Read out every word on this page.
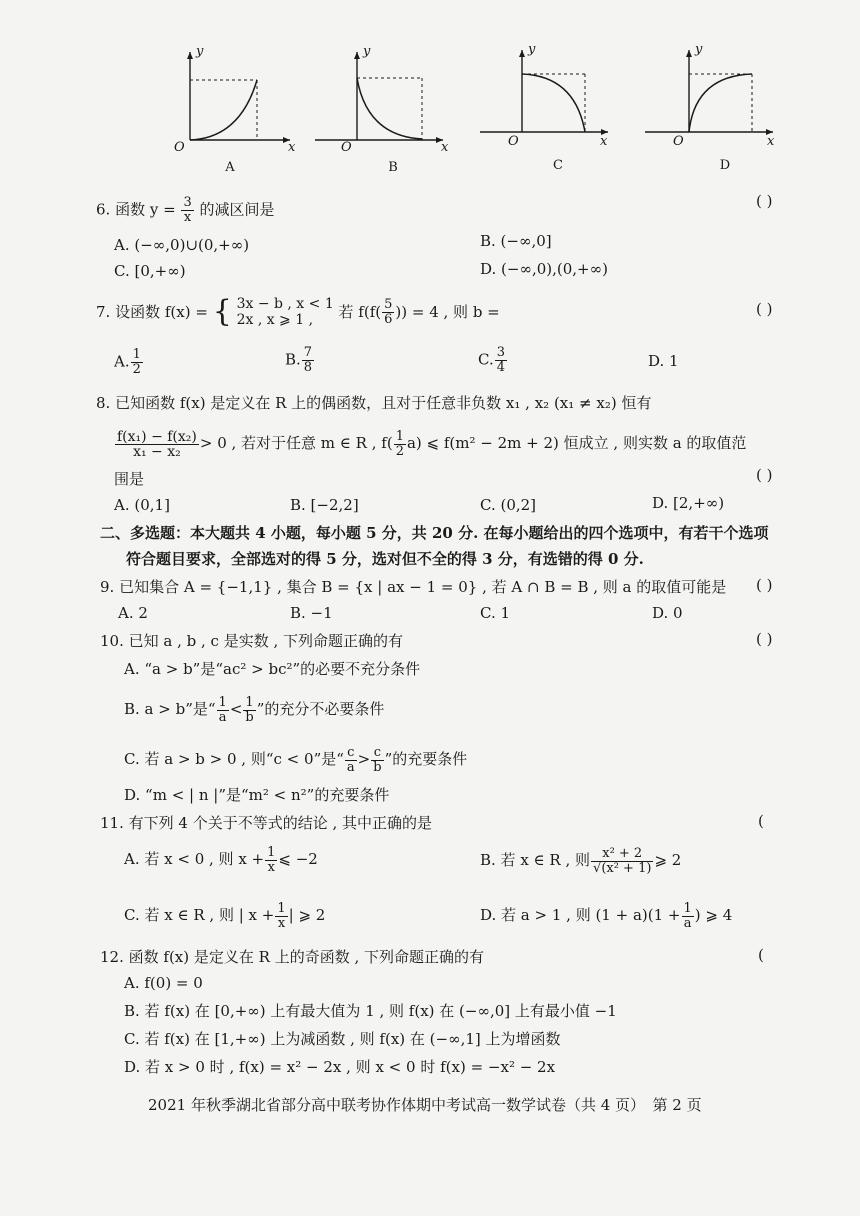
y
O	x
A
y
O	x
B
y
O	x
C
y
O	x
D
6. 函数 $y = \frac{3}{x}$ 的减区间是	( )
A. (−∞,0)∪(0,+∞)	B. (−∞,0]
C. [0,+∞)	D. (−∞,0),(0,+∞)
7. 设函数 f(x) = { 3x − b , x < 1
2x , x ⩾ 1 ,	若 $f(f( \frac{5}{6}$ )) = 4 , 则 b =	( )
A. $\frac{1}{2}$	B. $\frac{7}{8}$	C. $\frac{3}{4}$	D. 1
8. 已知函数 f(x) 是定义在 R 上的偶函数，且对于任意非负数 x₁ , x₂ (x₁ ≠ x₂) 恒有
$\frac{\text{f(x₁) − f(x₂)}}{\text{x₁ − x₂}} > 0$ , 若对于任意 m ∈ R , $f( \frac{1}{2} a)$ ⩽ f(m² − 2m + 2) 恒成立 , 则实数 a 的取值范
围是	( )
A. (0,1]	B. [−2,2]	C. (0,2]	D. [2,+∞)
二、多选题：本大题共 4 小题，每小题 5 分，共 20 分. 在每小题给出的四个选项中，有若干个选项
符合题目要求，全部选对的得 5 分，选对但不全的得 3 分，有选错的得 0 分.
9. 已知集合 A = {−1,1} , 集合 B = {x | ax − 1 = 0} , 若 A ∩ B = B , 则 a 的取值可能是 ( )
A. 2	B. −1	C. 1	D. 0
10. 已知 a , b , c 是实数 , 下列命题正确的有	( )
A. “a > b”是“ac² > bc²”的必要不充分条件
B. a > b”是“ $\frac{1}{a} < \frac{1}{b}$ ”的充分不必要条件
C. 若 a > b > 0 , 则“c < 0”是“ $\frac{c}{a} > \frac{c}{b}$ ”的充要条件
D. “m < | n |”是“m² < n²”的充要条件
11. 有下列 4 个关于不等式的结论 , 其中正确的是	(
A. 若 x < 0 , 则 $x + \frac{1}{x}$ ⩽ −2	B. 若 x ∈ R , 则 $\frac{\text{x² + 2}}{\text{√(x² + 1)}}$ ⩾ 2
C. 若 x ∈ R , 则 | $x + \frac{1}{x}$ | ⩾ 2	D. 若 a > 1 , 则 $(1 + a)(1 + \frac{1}{a}$ ) ⩾ 4
12. 函数 f(x) 是定义在 R 上的奇函数 , 下列命题正确的有	(
A. f(0) = 0
B. 若 f(x) 在 [0,+∞) 上有最大值为 1 , 则 f(x) 在 (−∞,0] 上有最小值 −1
C. 若 f(x) 在 [1,+∞) 上为减函数 , 则 f(x) 在 (−∞,1] 上为增函数
D. 若 x > 0 时 , f(x) = x² − 2x , 则 x < 0 时 f(x) = −x² − 2x
2021 年秋季湖北省部分高中联考协作体期中考试高一数学试卷（共 4 页）　第 2 页
